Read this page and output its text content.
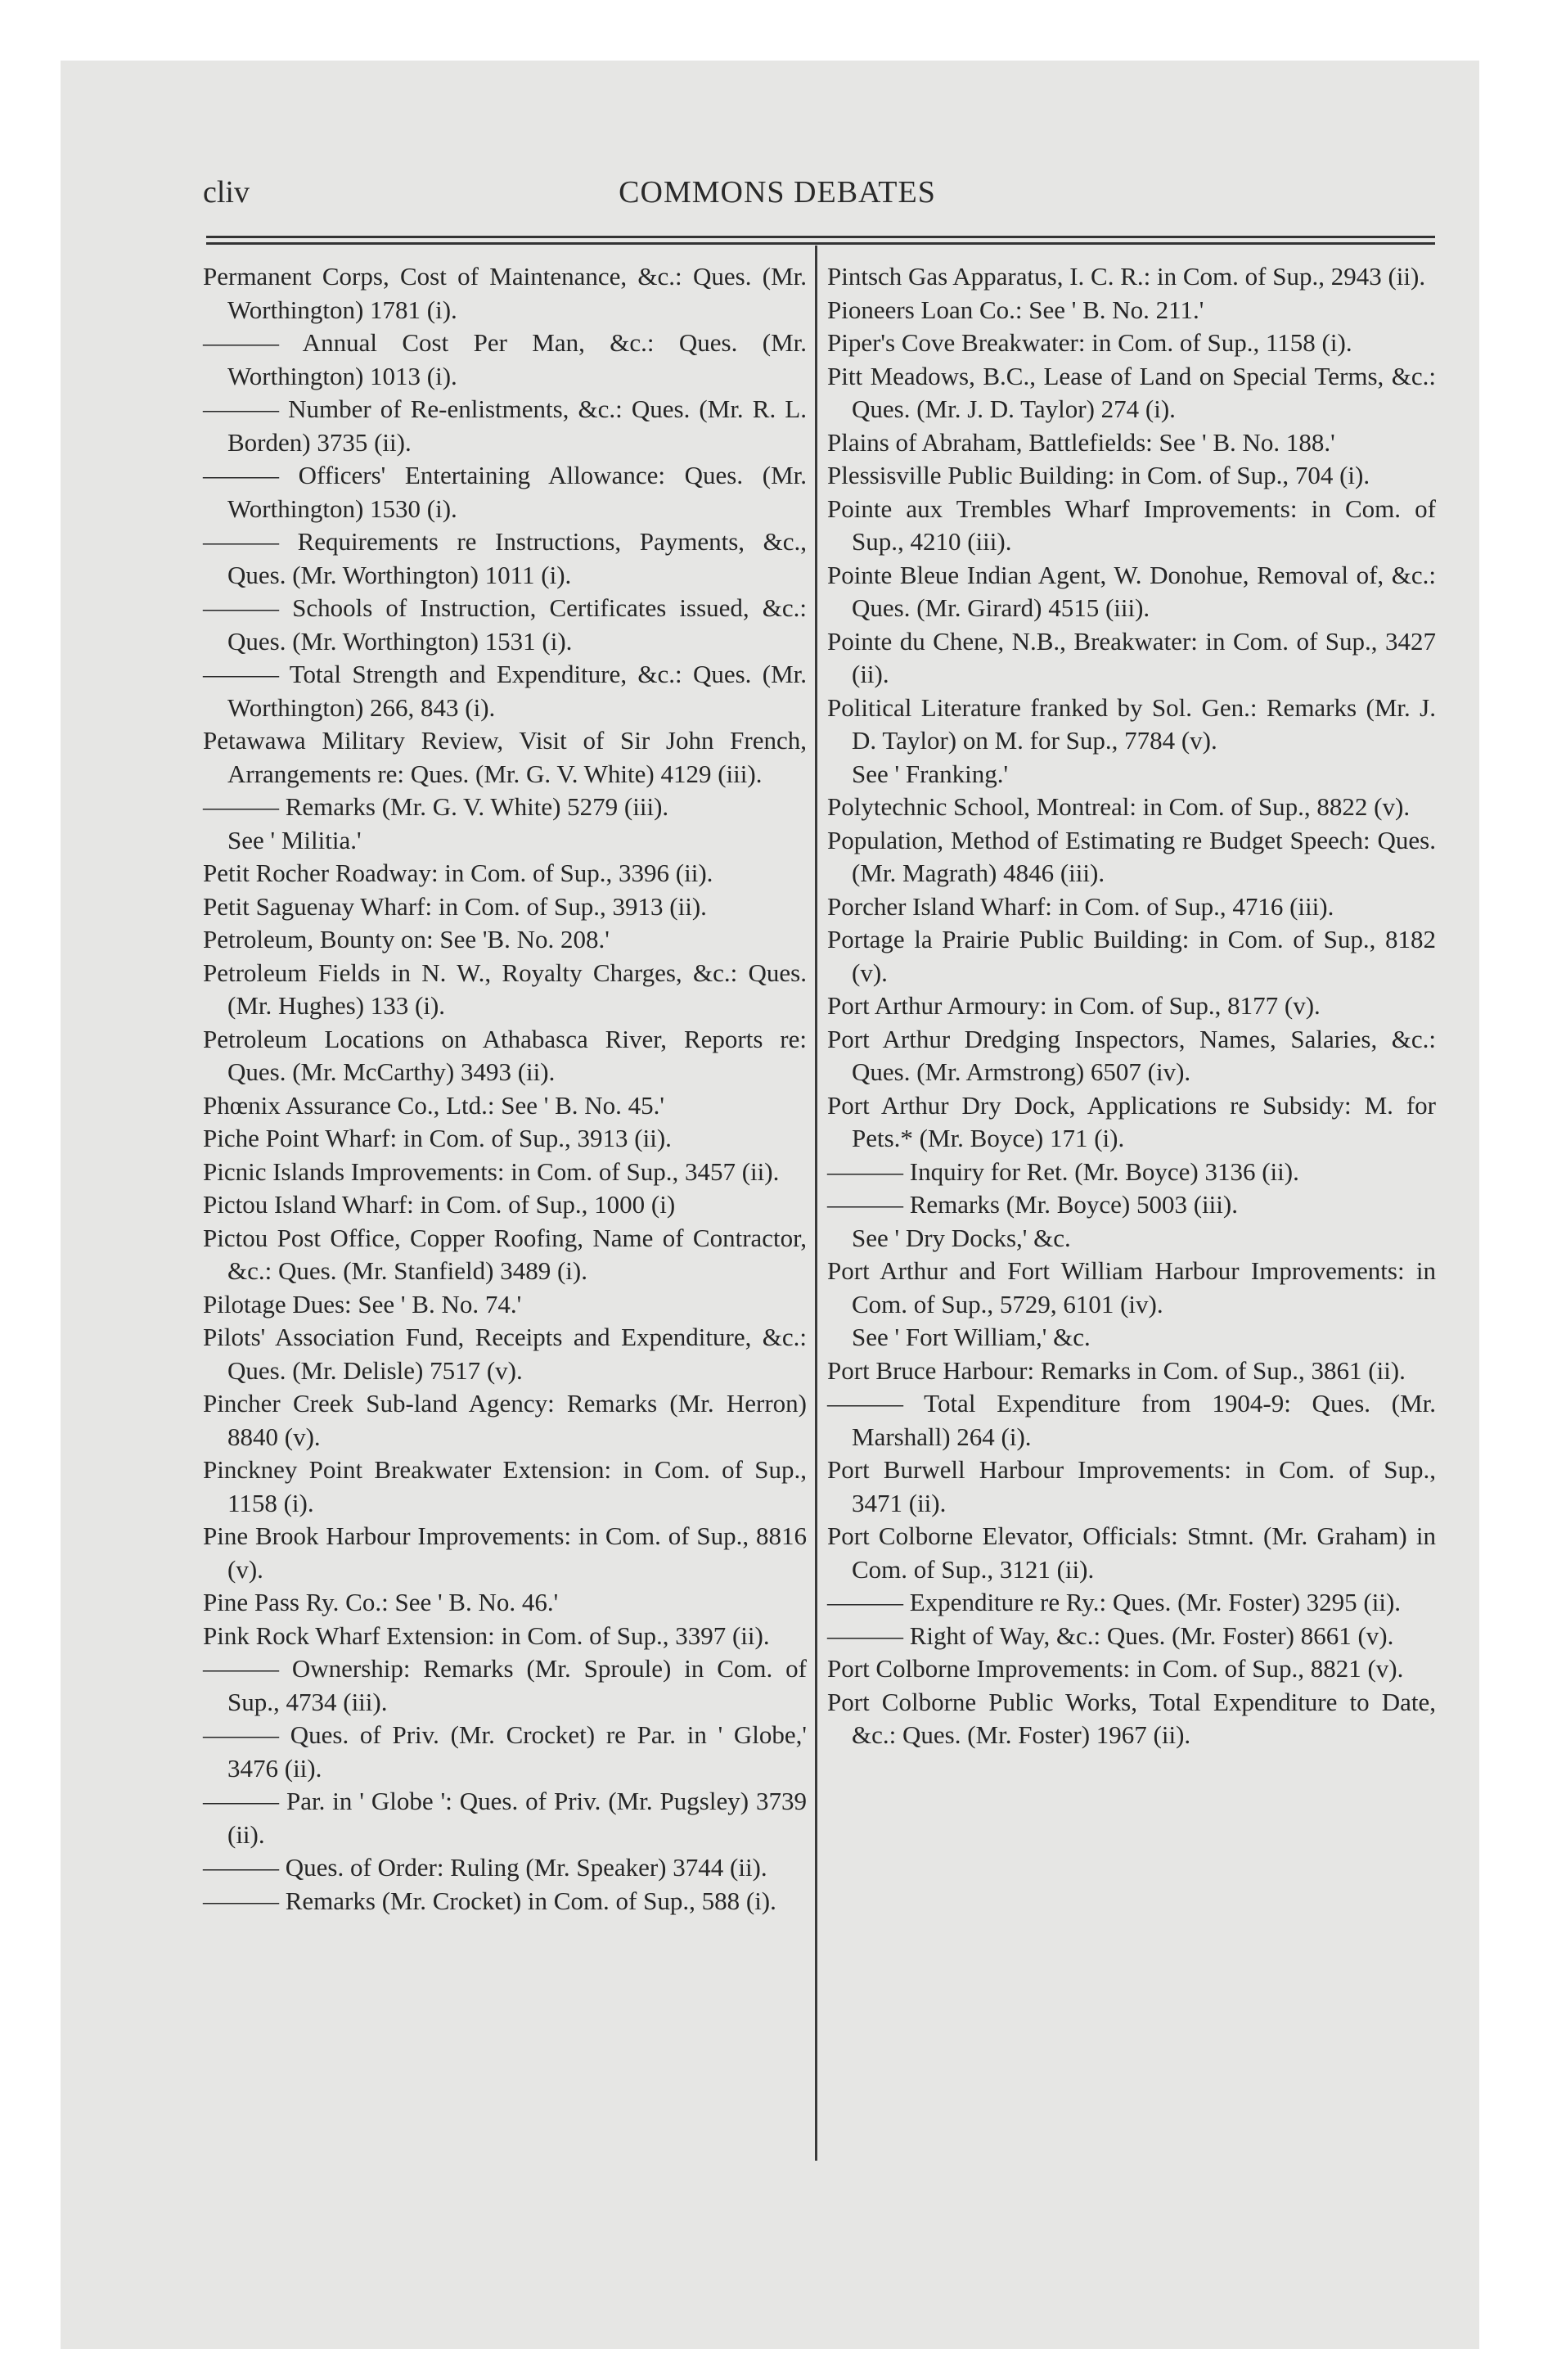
cliv	COMMONS DEBATES

Permanent Corps, Cost of Maintenance, &c.: Ques. (Mr. Worthington) 1781 (i).

——— Annual Cost Per Man, &c.: Ques. (Mr. Worthington) 1013 (i).

——— Number of Re-enlistments, &c.: Ques. (Mr. R. L. Borden) 3735 (ii).

——— Officers' Entertaining Allowance: Ques. (Mr. Worthington) 1530 (i).

——— Requirements re Instructions, Payments, &c., Ques. (Mr. Worthington) 1011 (i).

——— Schools of Instruction, Certificates issued, &c.: Ques. (Mr. Worthington) 1531 (i).

——— Total Strength and Expenditure, &c.: Ques. (Mr. Worthington) 266, 843 (i).

Petawawa Military Review, Visit of Sir John French, Arrangements re: Ques. (Mr. G. V. White) 4129 (iii).

——— Remarks (Mr. G. V. White) 5279 (iii).

See ' Militia.'

Petit Rocher Roadway: in Com. of Sup., 3396 (ii).

Petit Saguenay Wharf: in Com. of Sup., 3913 (ii).

Petroleum, Bounty on: See 'B. No. 208.'

Petroleum Fields in N. W., Royalty Charges, &c.: Ques. (Mr. Hughes) 133 (i).

Petroleum Locations on Athabasca River, Reports re: Ques. (Mr. McCarthy) 3493 (ii).

Phœnix Assurance Co., Ltd.: See ' B. No. 45.'

Piche Point Wharf: in Com. of Sup., 3913 (ii).

Picnic Islands Improvements: in Com. of Sup., 3457 (ii).

Pictou Island Wharf: in Com. of Sup., 1000 (i)

Pictou Post Office, Copper Roofing, Name of Contractor, &c.: Ques. (Mr. Stanfield) 3489 (i).

Pilotage Dues: See ' B. No. 74.'

Pilots' Association Fund, Receipts and Expenditure, &c.: Ques. (Mr. Delisle) 7517 (v).

Pincher Creek Sub-land Agency: Remarks (Mr. Herron) 8840 (v).

Pinckney Point Breakwater Extension: in Com. of Sup., 1158 (i).

Pine Brook Harbour Improvements: in Com. of Sup., 8816 (v).

Pine Pass Ry. Co.: See ' B. No. 46.'

Pink Rock Wharf Extension: in Com. of Sup., 3397 (ii).

——— Ownership: Remarks (Mr. Sproule) in Com. of Sup., 4734 (iii).

——— Ques. of Priv. (Mr. Crocket) re Par. in ' Globe,' 3476 (ii).

——— Par. in ' Globe ': Ques. of Priv. (Mr. Pugsley) 3739 (ii).

——— Ques. of Order: Ruling (Mr. Speaker) 3744 (ii).

——— Remarks (Mr. Crocket) in Com. of Sup., 588 (i).

Pintsch Gas Apparatus, I. C. R.: in Com. of Sup., 2943 (ii).

Pioneers Loan Co.: See ' B. No. 211.'

Piper's Cove Breakwater: in Com. of Sup., 1158 (i).

Pitt Meadows, B.C., Lease of Land on Special Terms, &c.: Ques. (Mr. J. D. Taylor) 274 (i).

Plains of Abraham, Battlefields: See ' B. No. 188.'

Plessisville Public Building: in Com. of Sup., 704 (i).

Pointe aux Trembles Wharf Improvements: in Com. of Sup., 4210 (iii).

Pointe Bleue Indian Agent, W. Donohue, Removal of, &c.: Ques. (Mr. Girard) 4515 (iii).

Pointe du Chene, N.B., Breakwater: in Com. of Sup., 3427 (ii).

Political Literature franked by Sol. Gen.: Remarks (Mr. J. D. Taylor) on M. for Sup., 7784 (v).

See ' Franking.'

Polytechnic School, Montreal: in Com. of Sup., 8822 (v).

Population, Method of Estimating re Budget Speech: Ques. (Mr. Magrath) 4846 (iii).

Porcher Island Wharf: in Com. of Sup., 4716 (iii).

Portage la Prairie Public Building: in Com. of Sup., 8182 (v).

Port Arthur Armoury: in Com. of Sup., 8177 (v).

Port Arthur Dredging Inspectors, Names, Salaries, &c.: Ques. (Mr. Armstrong) 6507 (iv).

Port Arthur Dry Dock, Applications re Subsidy: M. for Pets.* (Mr. Boyce) 171 (i).

——— Inquiry for Ret. (Mr. Boyce) 3136 (ii).

——— Remarks (Mr. Boyce) 5003 (iii).

See ' Dry Docks,' &c.

Port Arthur and Fort William Harbour Improvements: in Com. of Sup., 5729, 6101 (iv).

See ' Fort William,' &c.

Port Bruce Harbour: Remarks in Com. of Sup., 3861 (ii).

——— Total Expenditure from 1904-9: Ques. (Mr. Marshall) 264 (i).

Port Burwell Harbour Improvements: in Com. of Sup., 3471 (ii).

Port Colborne Elevator, Officials: Stmnt. (Mr. Graham) in Com. of Sup., 3121 (ii).

——— Expenditure re Ry.: Ques. (Mr. Foster) 3295 (ii).

——— Right of Way, &c.: Ques. (Mr. Foster) 8661 (v).

Port Colborne Improvements: in Com. of Sup., 8821 (v).

Port Colborne Public Works, Total Expenditure to Date, &c.: Ques. (Mr. Foster) 1967 (ii).
